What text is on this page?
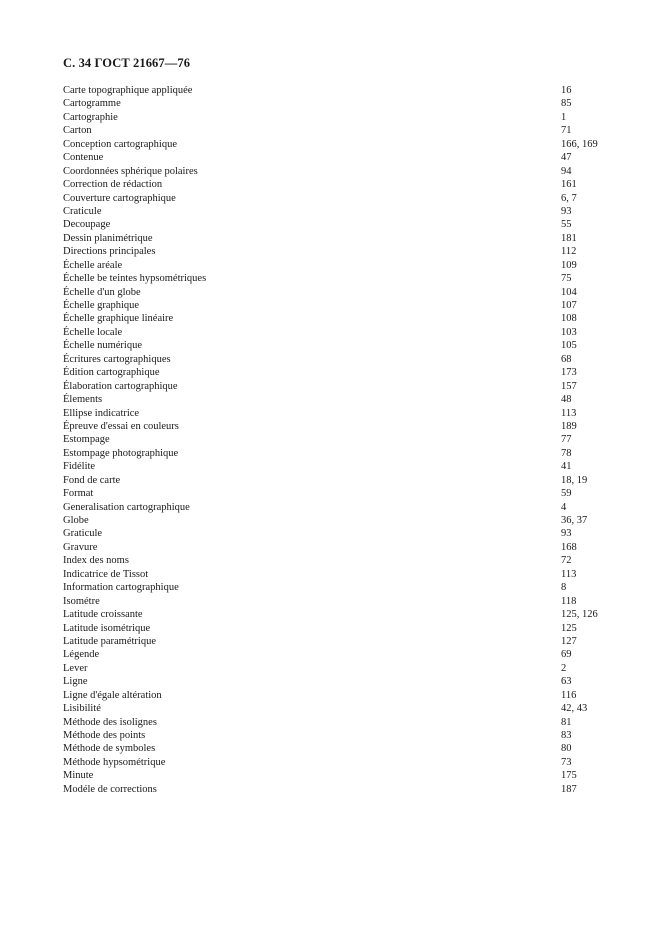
С. 34 ГОСТ 21667—76
Carte topographique appliquée	16
Cartogramme	85
Cartographie	1
Carton	71
Conception cartographique	166, 169
Contenue	47
Coordonnées sphérique polaires	94
Correction de rédaction	161
Couverture cartographique	6, 7
Craticule	93
Decoupage	55
Dessin planimétrique	181
Directions principales	112
Échelle aréale	109
Échelle be teintes hypsométriques	75
Échelle d'un globe	104
Échelle graphique	107
Échelle graphique linéaire	108
Échelle locale	103
Échelle numérique	105
Écritures cartographiques	68
Édition cartographique	173
Élaboration cartographique	157
Élements	48
Ellipse indicatrice	113
Épreuve d'essai en couleurs	189
Estompage	77
Estompage photographique	78
Fidélite	41
Fond de carte	18, 19
Format	59
Generalisation cartographique	4
Globe	36, 37
Graticule	93
Gravure	168
Index des noms	72
Indicatrice de Tissot	113
Information cartographique	8
Isométre	118
Latitude croissante	125, 126
Latitude isométrique	125
Latitude paramétrique	127
Légende	69
Lever	2
Ligne	63
Ligne d'égale altération	116
Lisibilité	42, 43
Méthode des isolignes	81
Méthode des points	83
Méthode de symboles	80
Méthode hypsométrique	73
Minute	175
Modéle de corrections	187
